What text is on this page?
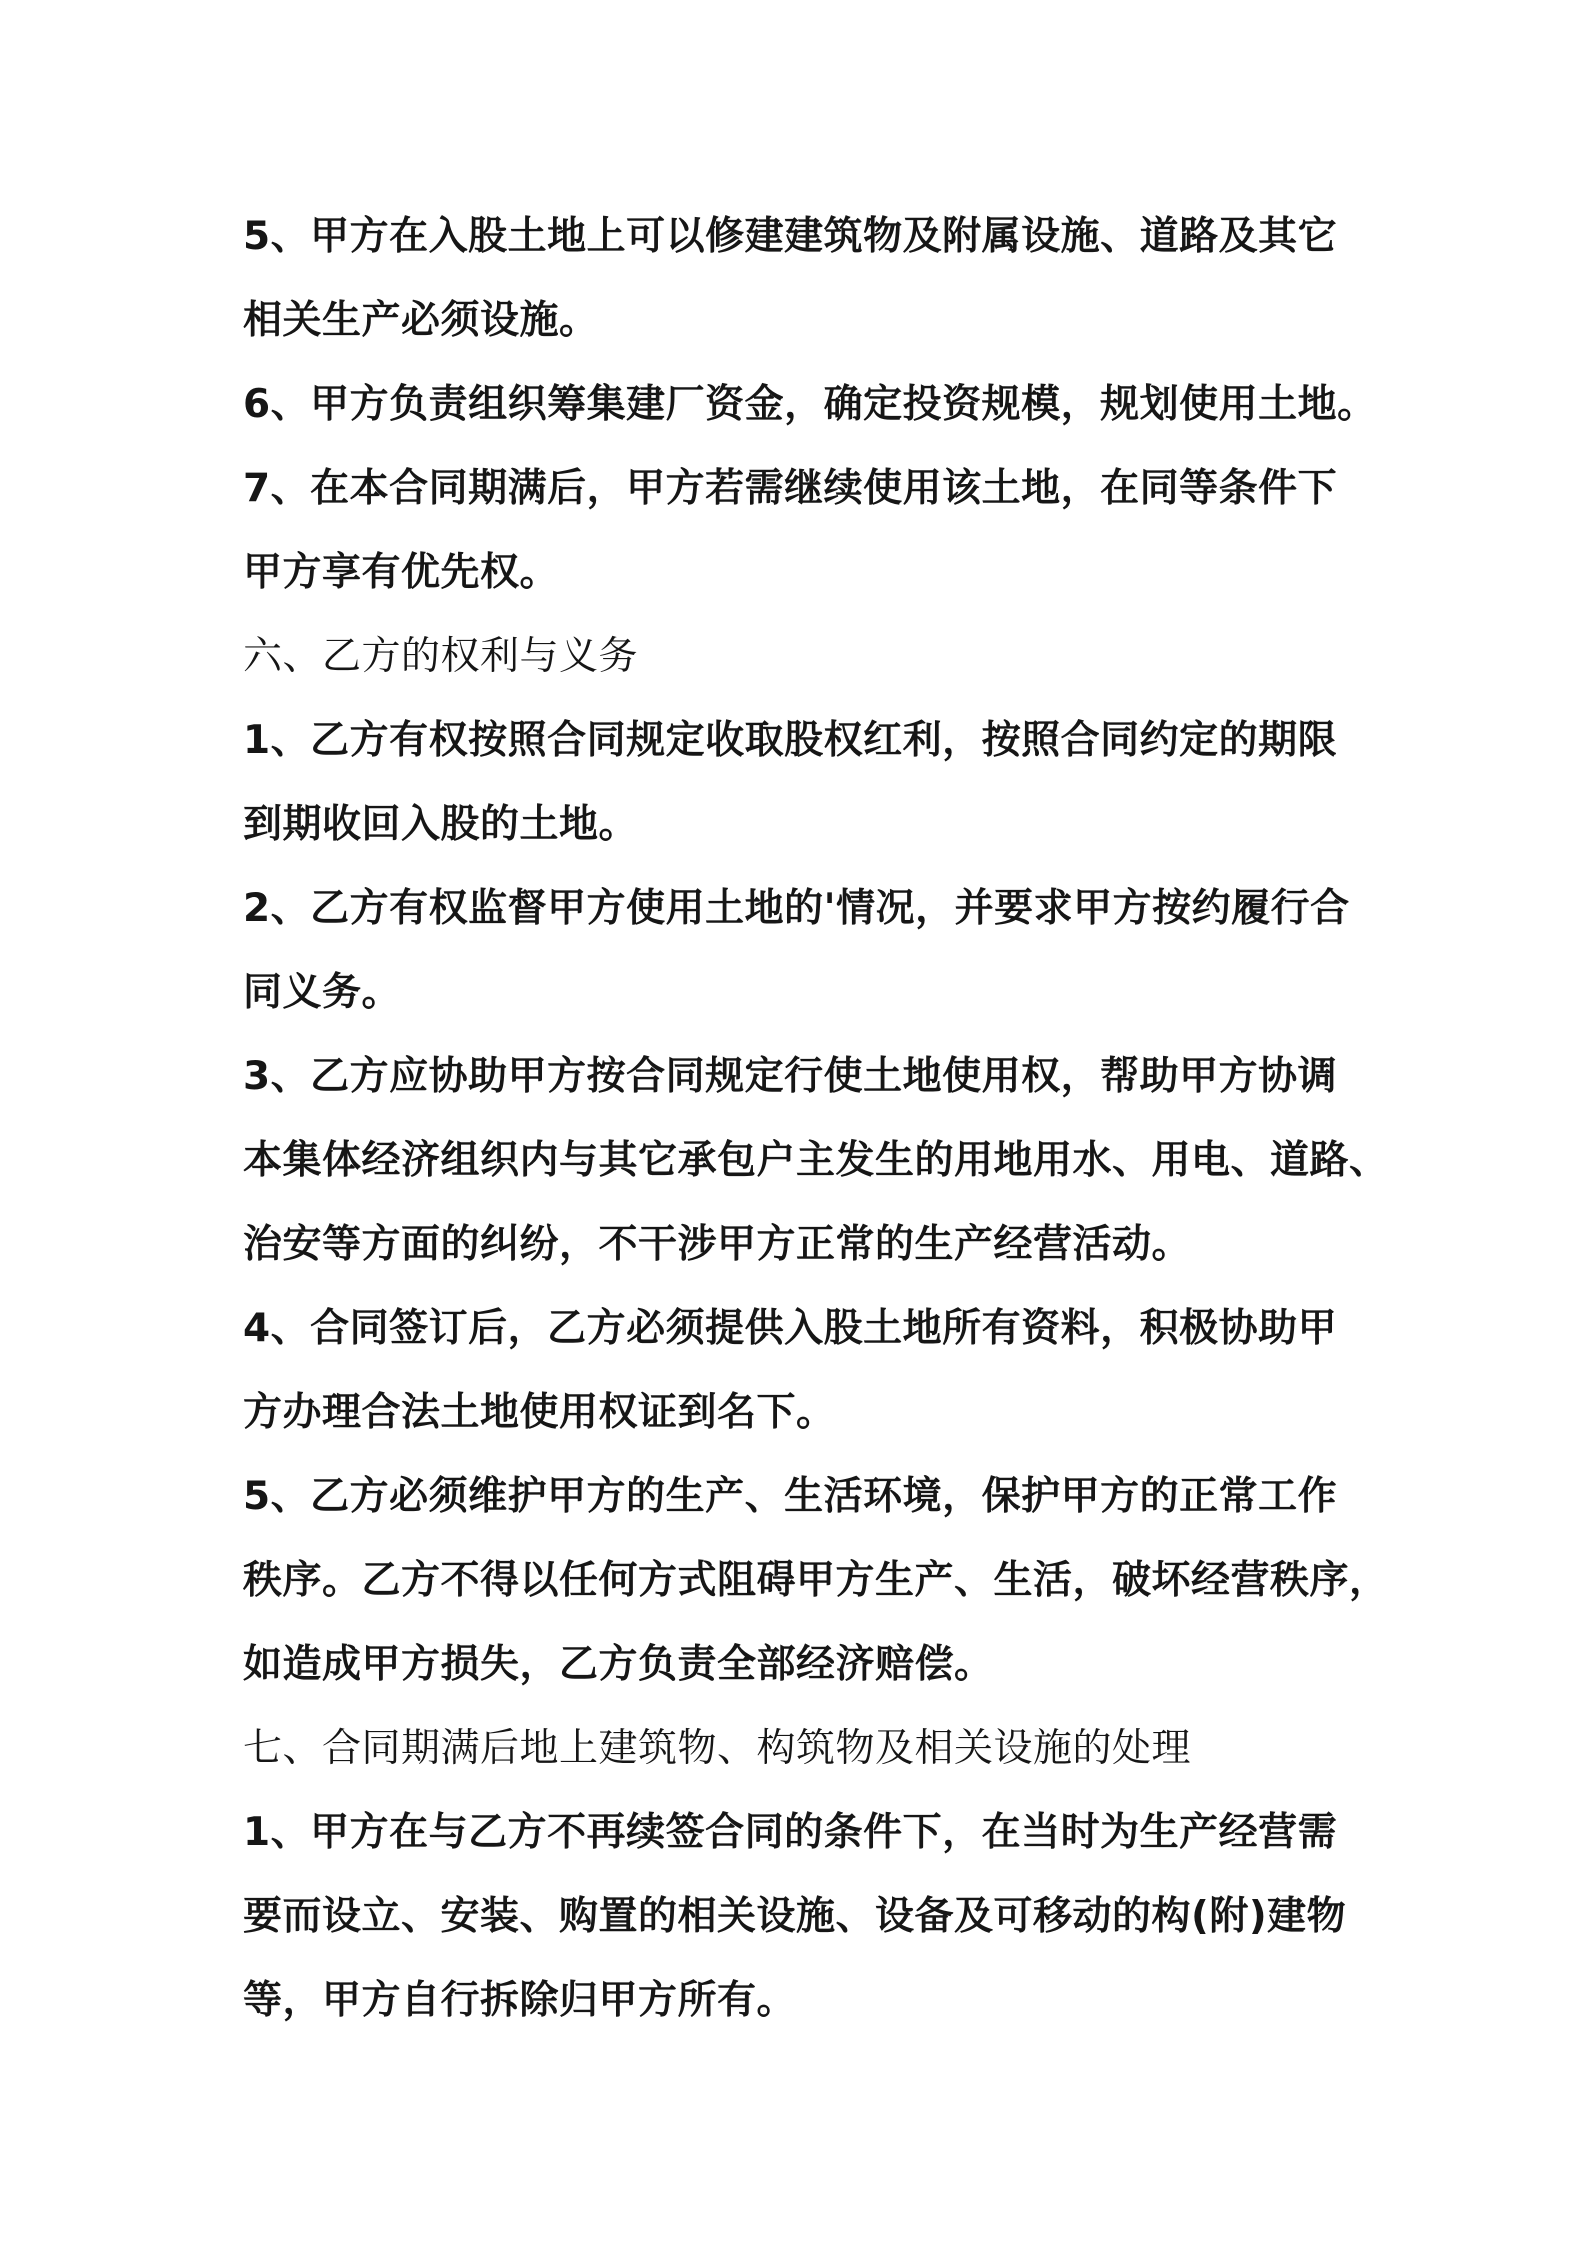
5、甲方在入股土地上可以修建建筑物及附属设施、道路及其它

相关生产必须设施。

6、甲方负责组织筹集建厂资金，确定投资规模，规划使用土地。

7、在本合同期满后，甲方若需继续使用该土地，在同等条件下

甲方享有优先权。

六、乙方的权利与义务

1、乙方有权按照合同规定收取股权红利，按照合同约定的期限

到期收回入股的土地。

2、乙方有权监督甲方使用土地的'情况，并要求甲方按约履行合

同义务。

3、乙方应协助甲方按合同规定行使土地使用权，帮助甲方协调

本集体经济组织内与其它承包户主发生的用地用水、用电、道路、

治安等方面的纠纷，不干涉甲方正常的生产经营活动。

4、合同签订后，乙方必须提供入股土地所有资料，积极协助甲

方办理合法土地使用权证到名下。

5、乙方必须维护甲方的生产、生活环境，保护甲方的正常工作

秩序。乙方不得以任何方式阻碍甲方生产、生活，破坏经营秩序，

如造成甲方损失，乙方负责全部经济赔偿。

七、合同期满后地上建筑物、构筑物及相关设施的处理

1、甲方在与乙方不再续签合同的条件下，在当时为生产经营需

要而设立、安装、购置的相关设施、设备及可移动的构(附)建物

等，甲方自行拆除归甲方所有。
